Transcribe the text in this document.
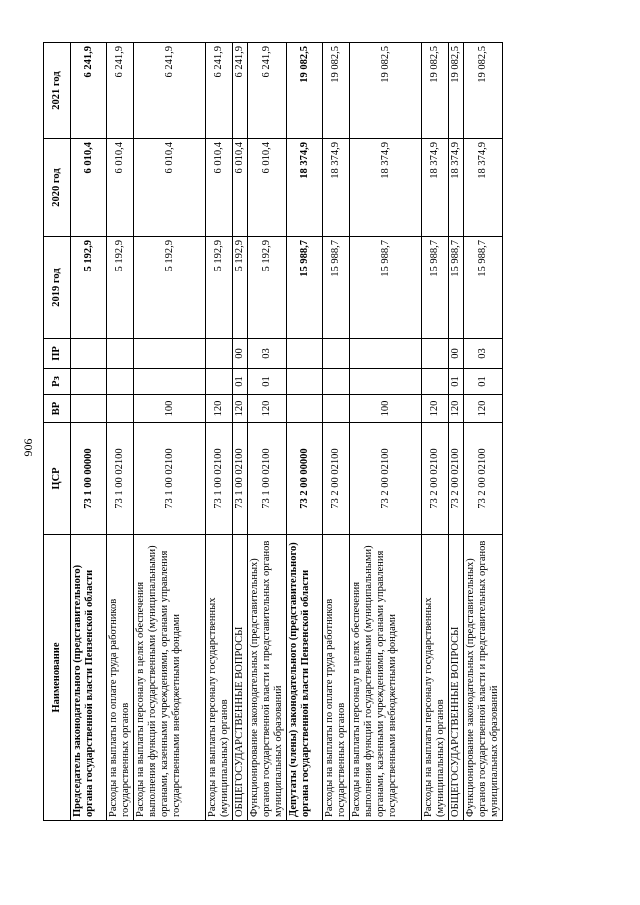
906
Наименование	ЦСР	ВР	Рз	ПР	2019 год	2020 год	2021 год
Председатель законодательного (представительного) органа государственной власти Пензенской области	73 1 00 00000				5 192,9	6 010,4	6 241,9
Расходы на выплаты по оплате труда работников государственных органов	73 1 00 02100				5 192,9	6 010,4	6 241,9
Расходы на выплаты персоналу в целях обеспечения выполнения функций государственными (муниципальными) органами, казенными учреждениями, органами управления государственными внебюджетными фондами	73 1 00 02100	100			5 192,9	6 010,4	6 241,9
Расходы на выплаты персоналу государственных (муниципальных) органов	73 1 00 02100	120			5 192,9	6 010,4	6 241,9
ОБЩЕГОСУДАРСТВЕННЫЕ ВОПРОСЫ	73 1 00 02100	120	01	00	5 192,9	6 010,4	6 241,9
Функционирование законодательных (представительных) органов государственной власти и представительных органов муниципальных образований	73 1 00 02100	120	01	03	5 192,9	6 010,4	6 241,9
Депутаты (члены) законодательного (представительного) органа государственной власти Пензенской области	73 2 00 00000				15 988,7	18 374,9	19 082,5
Расходы на выплаты по оплате труда работников государственных органов	73 2 00 02100				15 988,7	18 374,9	19 082,5
Расходы на выплаты персоналу в целях обеспечения выполнения функций государственными (муниципальными) органами, казенными учреждениями, органами управления государственными внебюджетными фондами	73 2 00 02100	100			15 988,7	18 374,9	19 082,5
Расходы на выплаты персоналу государственных (муниципальных) органов	73 2 00 02100	120			15 988,7	18 374,9	19 082,5
ОБЩЕГОСУДАРСТВЕННЫЕ ВОПРОСЫ	73 2 00 02100	120	01	00	15 988,7	18 374,9	19 082,5
Функционирование законодательных (представительных) органов государственной власти и представительных органов муниципальных образований	73 2 00 02100	120	01	03	15 988,7	18 374,9	19 082,5
